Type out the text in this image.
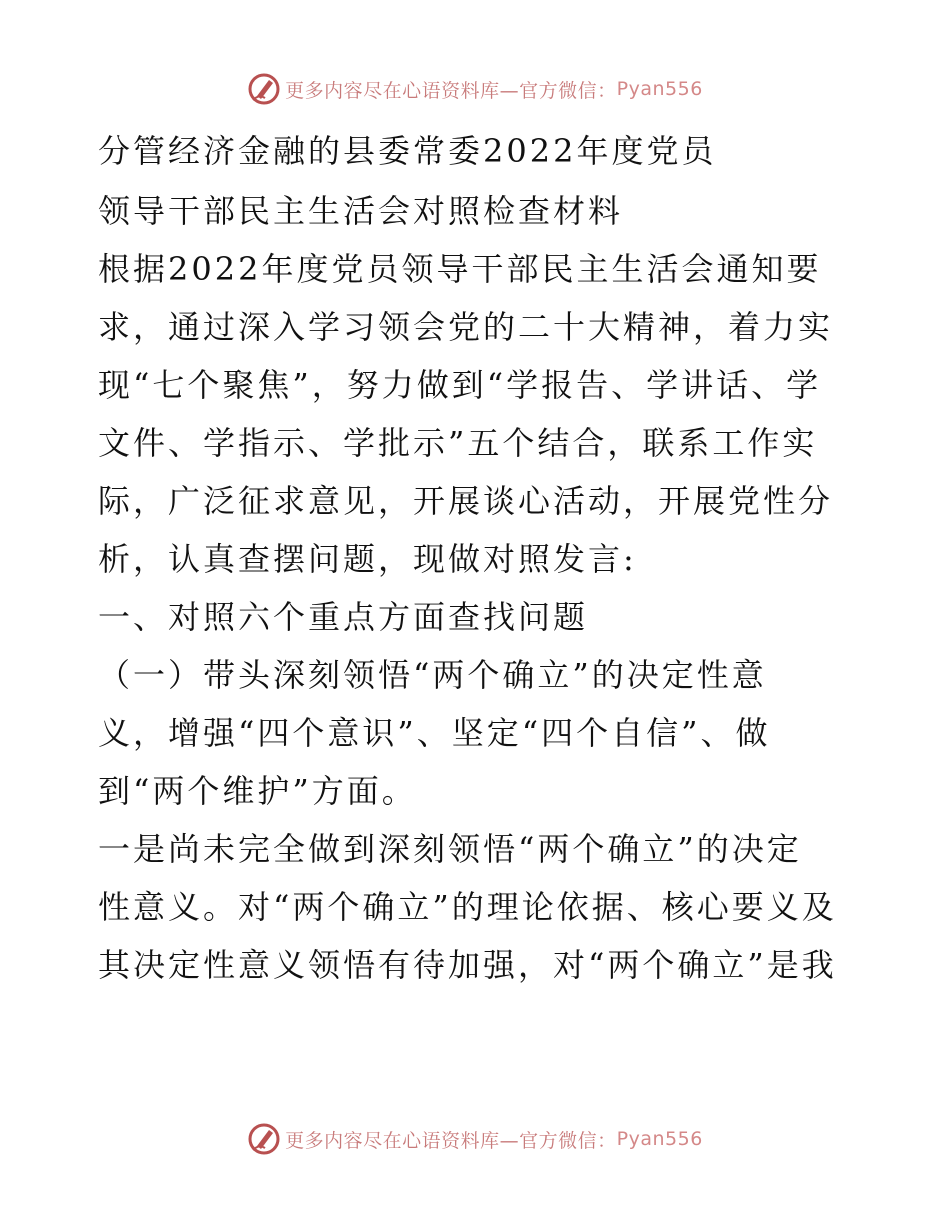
更多内容尽在心语资料库—官方微信： Pyan556
分管经济金融的县委常委2022年度党员
领导干部民主生活会对照检查材料
根据2022年度党员领导干部民主生活会通知要
求，通过深入学习领会党的二十大精神，着力实
现“七个聚焦”，努力做到“学报告、学讲话、学
文件、学指示、学批示”五个结合，联系工作实
际，广泛征求意见，开展谈心活动，开展党性分
析，认真查摆问题，现做对照发言:
一、对照六个重点方面查找问题
（一）带头深刻领悟“两个确立”的决定性意
义，增强“四个意识”、坚定“四个自信”、做
到“两个维护”方面。
一是尚未完全做到深刻领悟“两个确立”的决定
性意义。对“两个确立”的理论依据、核心要义及
其决定性意义领悟有待加强，对“两个确立”是我
更多内容尽在心语资料库—官方微信： Pyan556
